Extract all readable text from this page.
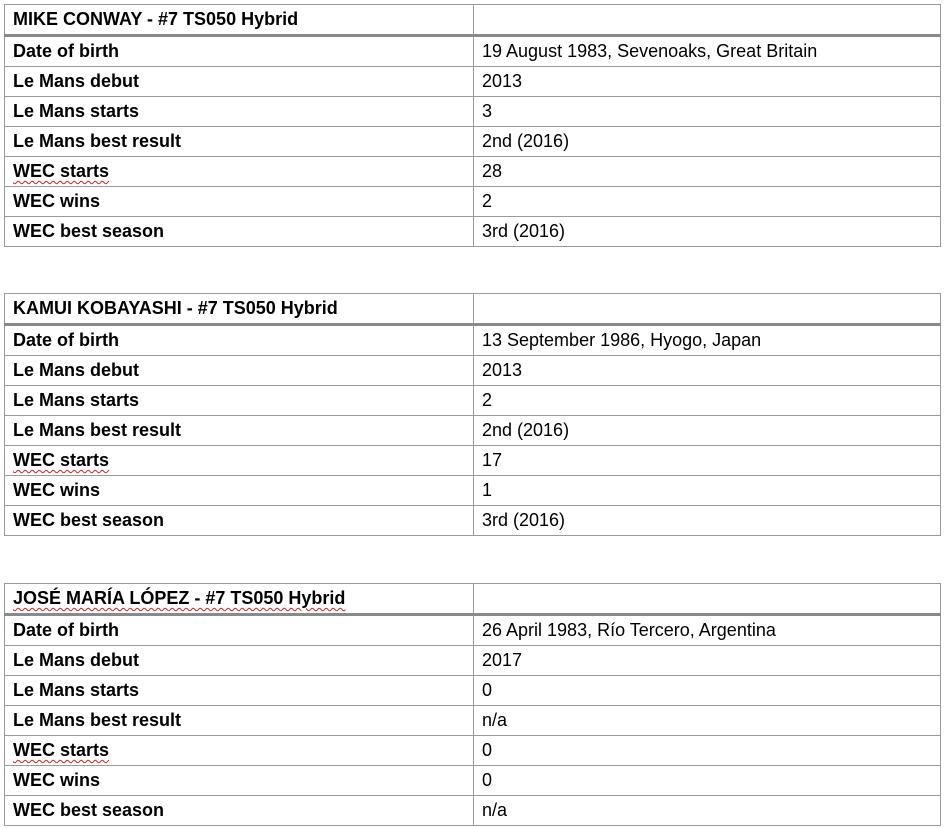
MIKE CONWAY - #7 TS050 Hybrid	
Date of birth	19 August 1983, Sevenoaks, Great Britain
Le Mans debut	2013
Le Mans starts	3
Le Mans best result	2nd (2016)
WEC starts	28
WEC wins	2
WEC best season	3rd (2016)
KAMUI KOBAYASHI - #7 TS050 Hybrid	
Date of birth	13 September 1986, Hyogo, Japan
Le Mans debut	2013
Le Mans starts	2
Le Mans best result	2nd (2016)
WEC starts	17
WEC wins	1
WEC best season	3rd (2016)
JOSÉ MARÍA LÓPEZ - #7 TS050 Hybrid	
Date of birth	26 April 1983, Río Tercero, Argentina
Le Mans debut	2017
Le Mans starts	0
Le Mans best result	n/a
WEC starts	0
WEC wins	0
WEC best season	n/a
